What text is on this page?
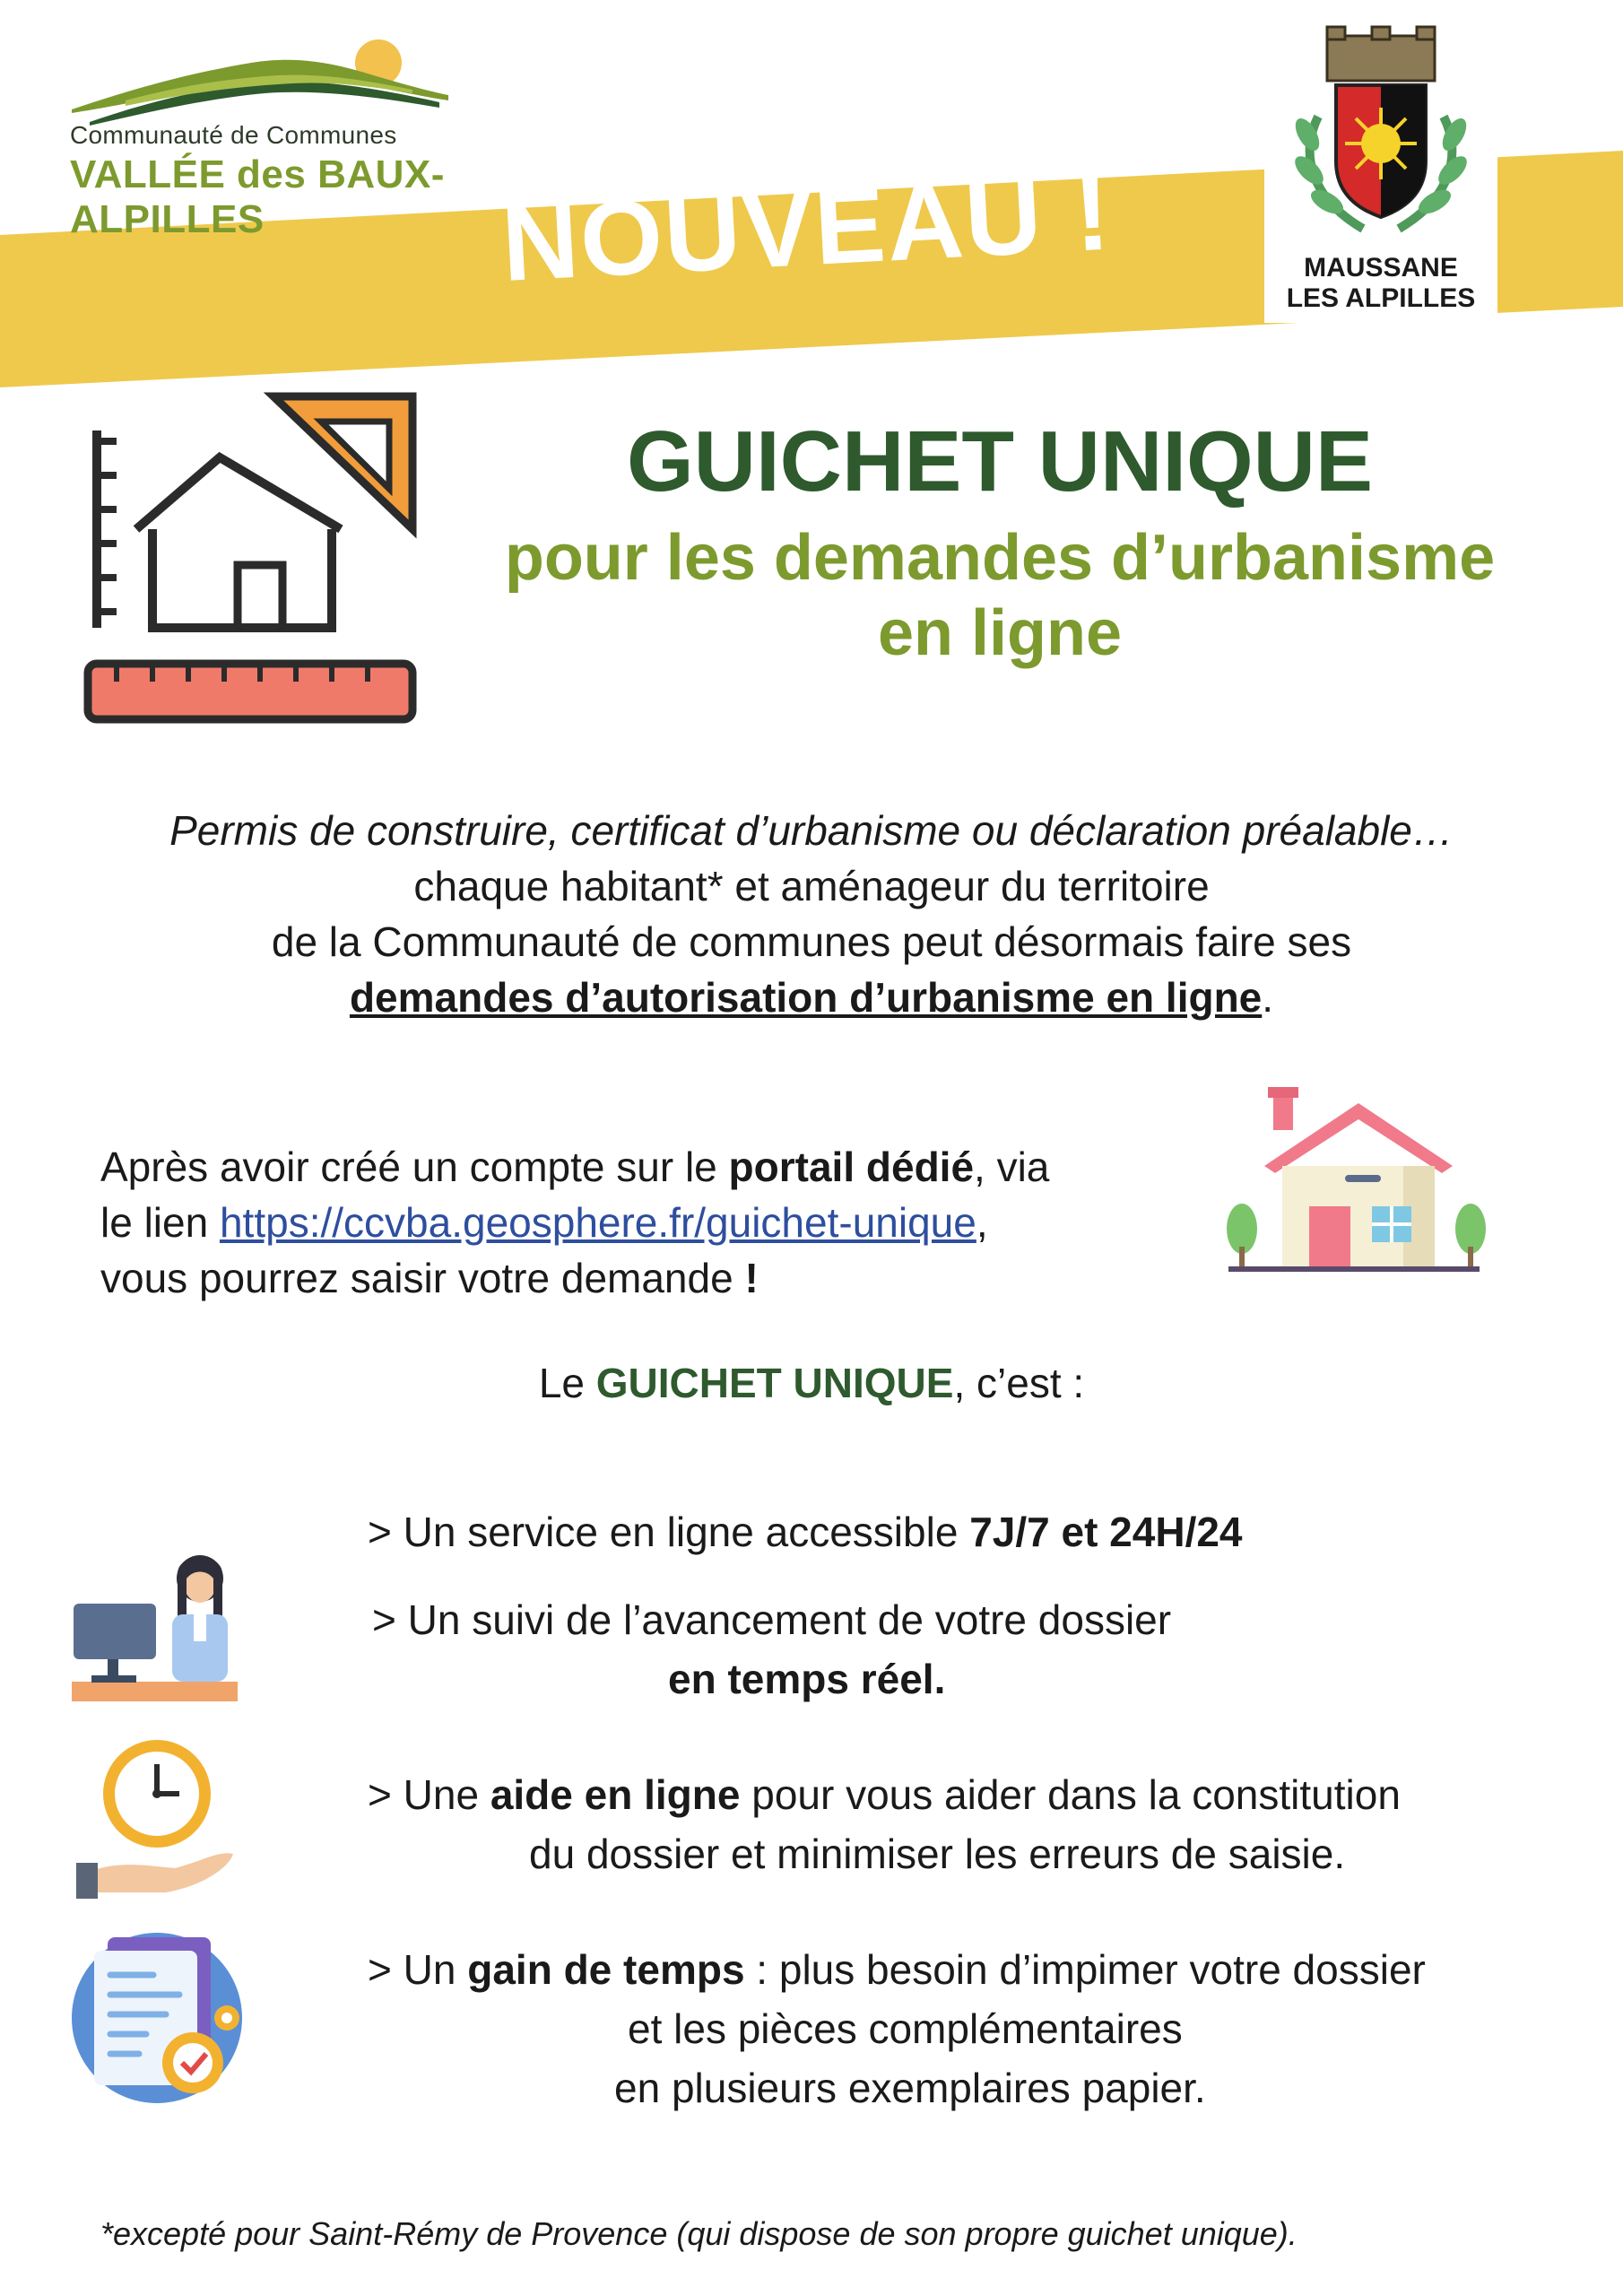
NOUVEAU !
Communauté de Communes
VALLÉE des BAUX-ALPILLES
MAUSSANE
LES ALPILLES
GUICHET UNIQUE
pour les demandes d’urbanisme
en ligne
Permis de construire, certificat d’urbanisme ou déclaration préalable…
chaque habitant* et aménageur du territoire
de la Communauté de communes peut désormais faire ses
demandes d’autorisation d’urbanisme en ligne.
Après avoir créé un compte sur le portail dédié, via
le lien https://ccvba.geosphere.fr/guichet-unique,
vous pourrez saisir votre demande !
Le GUICHET UNIQUE, c’est :
> Un service en ligne accessible 7J/7 et 24H/24
> Un suivi de l’avancement de votre dossier
en temps réel.
> Une aide en ligne pour vous aider dans la constitution
du dossier et minimiser les erreurs de saisie.
> Un gain de temps : plus besoin d’impimer votre dossier
et les pièces complémentaires
en plusieurs exemplaires papier.
*excepté pour Saint-Rémy de Provence (qui dispose de son propre guichet unique).
